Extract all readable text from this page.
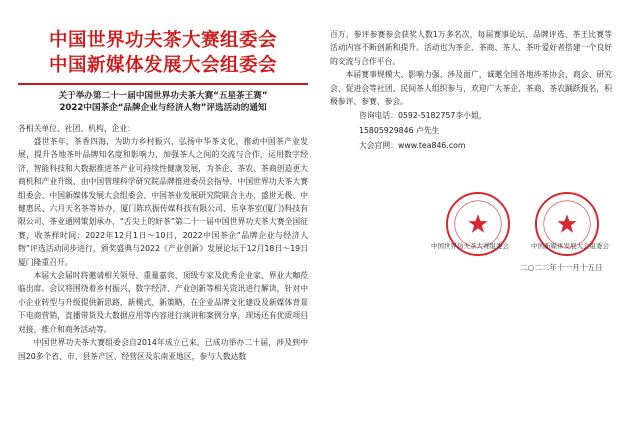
中国世界功夫茶大赛组委会
中国新媒体发展大会组委会
关于举办第二十一届中国世界功夫茶大赛“五星茶王赛”
2022中国茶企“品牌企业与经济人物”评选活动的通知
各相关单位、社团、机构、企业：

盛世茶年，茶香四海，为助力乡村振兴，弘扬中华茶文化，推动中国茶产业发展，提升各地茶叶品牌知名度和影响力，加强茶人之间的交流与合作，运用数字经济、智能科技和大数据推进茶产业可持续性健康发展，为茶企、茶农、茶商创造更大商机和产业升级，由中国管理科学研究院品牌推进委员会指导，中国世界功夫茶大赛组委会、中国新媒体发展大会组委会、中国茶业发展研究院联合主办，盛世无极、中健惠民、六月天名茶等协办，厦门陈玖振传媒科技有限公司、乐享茶室(厦门)科技有限公司、茶业通网策划承办，“舌尖上的好茶”第二十一届中国世界功夫茶大赛全国征赛，收茶样时间：2022年12月1日～10日，2022中国茶企“品牌企业与经济人物”评选活动同步进行，颁奖盛典与2022《产业创新》发展论坛于12月18日～19日厦门隆重召开。

本届大会届时将邀请相关领导、重量嘉宾、顶级专家及优秀企业家、界业大咖莅临出席。会议将围绕着乡村振兴、数字经济、产业创新等相关资讯进行解读，针对中小企业转型与升级提供新思路、新模式、新策略，在企业品牌文化建设及新媒体背景下电商营销，直播带货及大数据应用等内容进行演讲和案例分享，现场还有优质项目对接，推介和商务活动等。

中国世界功夫茶大赛组委会自2014年成立已来，已成功举办二十届，涉及到中国20多个省、市、县茶产区、经营区及东南亚地区，参与人数达数

百万，参评参赛参会获奖人数1万多名次，每届赛事论坛、品牌评选、茶王比赛等活动内容不断创新和提升。活动也为茶企、茶商、茶人、茶叶爱好者搭建一个良好的交流与合作平台。

本届赛事规模大、影响力强、涉及面广，诚邀全国各地涉茶协会、商会、研究会、促进会等社团、民间茶人组织参与，欢迎广大茶企、茶商、茶农踊跃报名，积极参评、参赛、参会。

咨询电话：0592-5182757李小姐，
15805929846 卢先生
大会官网：www.tea846.com
中国世界功夫茶大赛组委会	中国新媒体发展大会组委会
二○二二年十一月十五日
